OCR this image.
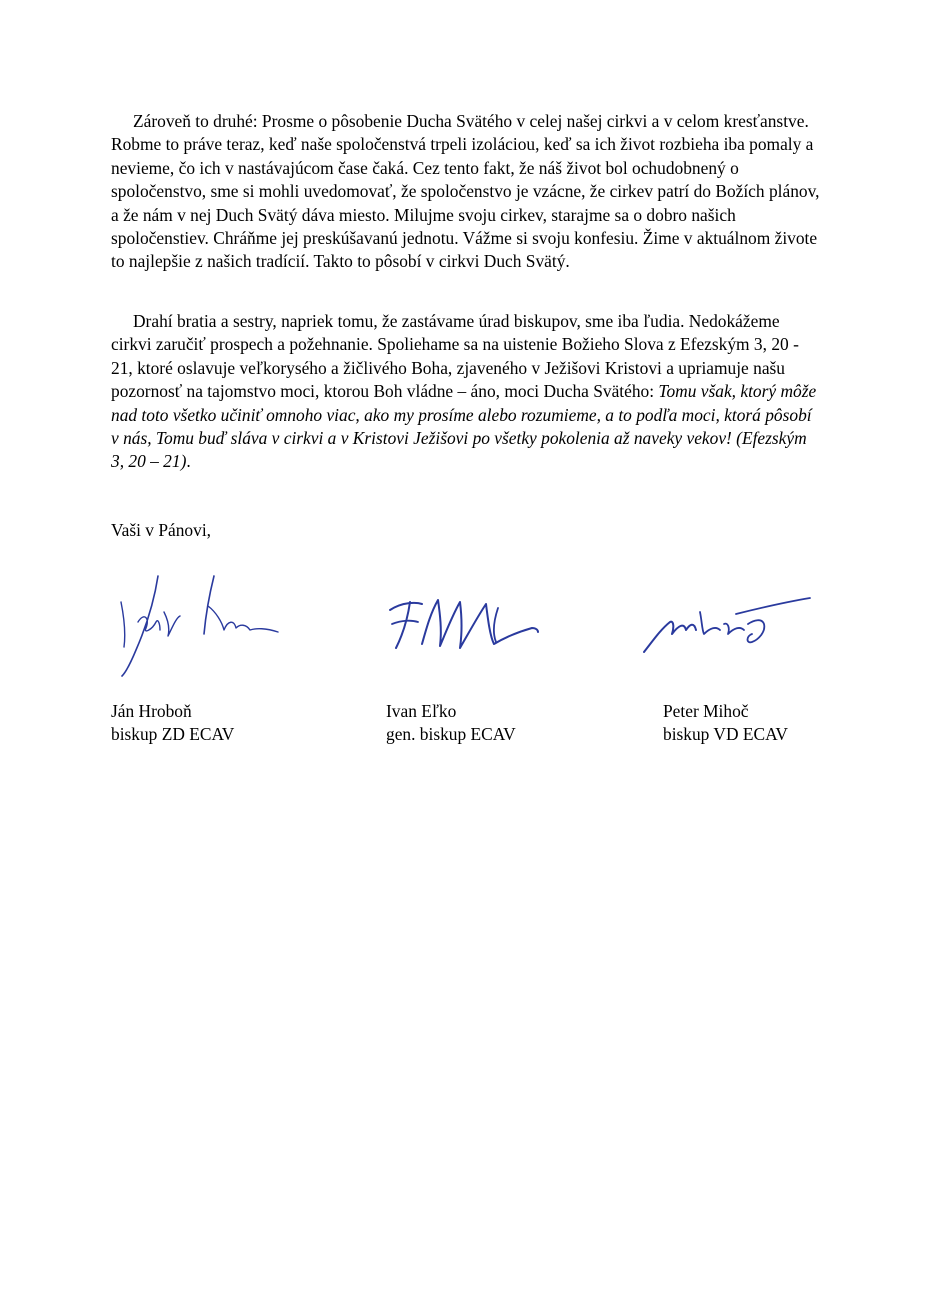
Zároveň to druhé: Prosme o pôsobenie Ducha Svätého v celej našej cirkvi a v celom kresťanstve. Robme to práve teraz, keď naše spoločenstvá trpeli izoláciou, keď sa ich život rozbieha iba pomaly a nevieme, čo ich v nastávajúcom čase čaká. Cez tento fakt, že náš život bol ochudobnený o spoločenstvo, sme si mohli uvedomovať, že spoločenstvo je vzácne, že cirkev patrí do Božích plánov, a že nám v nej Duch Svätý dáva miesto. Milujme svoju cirkev, starajme sa o dobro našich spoločenstiev. Chráňme jej preskúšavanú jednotu. Vážme si svoju konfesiu. Žime v aktuálnom živote to najlepšie z našich tradícií. Takto to pôsobí v cirkvi Duch Svätý.

Drahí bratia a sestry, napriek tomu, že zastávame úrad biskupov, sme iba ľudia. Nedokážeme cirkvi zaručiť prospech a požehnanie. Spoliehame sa na uistenie Božieho Slova z Efezským 3, 20 - 21, ktoré oslavuje veľkorysého a žičlivého Boha, zjaveného v Ježišovi Kristovi a upriamuje našu pozornosť na tajomstvo moci, ktorou Boh vládne – áno, moci Ducha Svätého: Tomu však, ktorý môže nad toto všetko učiniť omnoho viac, ako my prosíme alebo rozumieme, a to podľa moci, ktorá pôsobí v nás, Tomu buď sláva v cirkvi a v Kristovi Ježišovi po všetky pokolenia až naveky vekov! (Efezským 3, 20 – 21).

Vaši v Pánovi,

Ján Hroboň
biskup ZD ECAV
Ivan Eľko
gen. biskup ECAV
Peter Mihoč
biskup VD ECAV
